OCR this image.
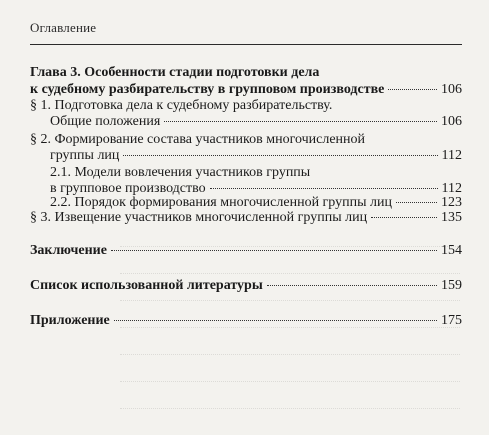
Оглавление
Глава 3. Особенности стадии подготовки дела
к судебному разбирательству в групповом производстве	106
§ 1. Подготовка дела к судебному разбирательству.
Общие положения	106
§ 2. Формирование состава участников многочисленной
группы лиц	112
2.1. Модели вовлечения участников группы
в групповое производство	112
2.2. Порядок формирования многочисленной группы лиц	123
§ 3. Извещение участников многочисленной группы лиц	135
Заключение	154
Список использованной литературы	159
Приложение	175
